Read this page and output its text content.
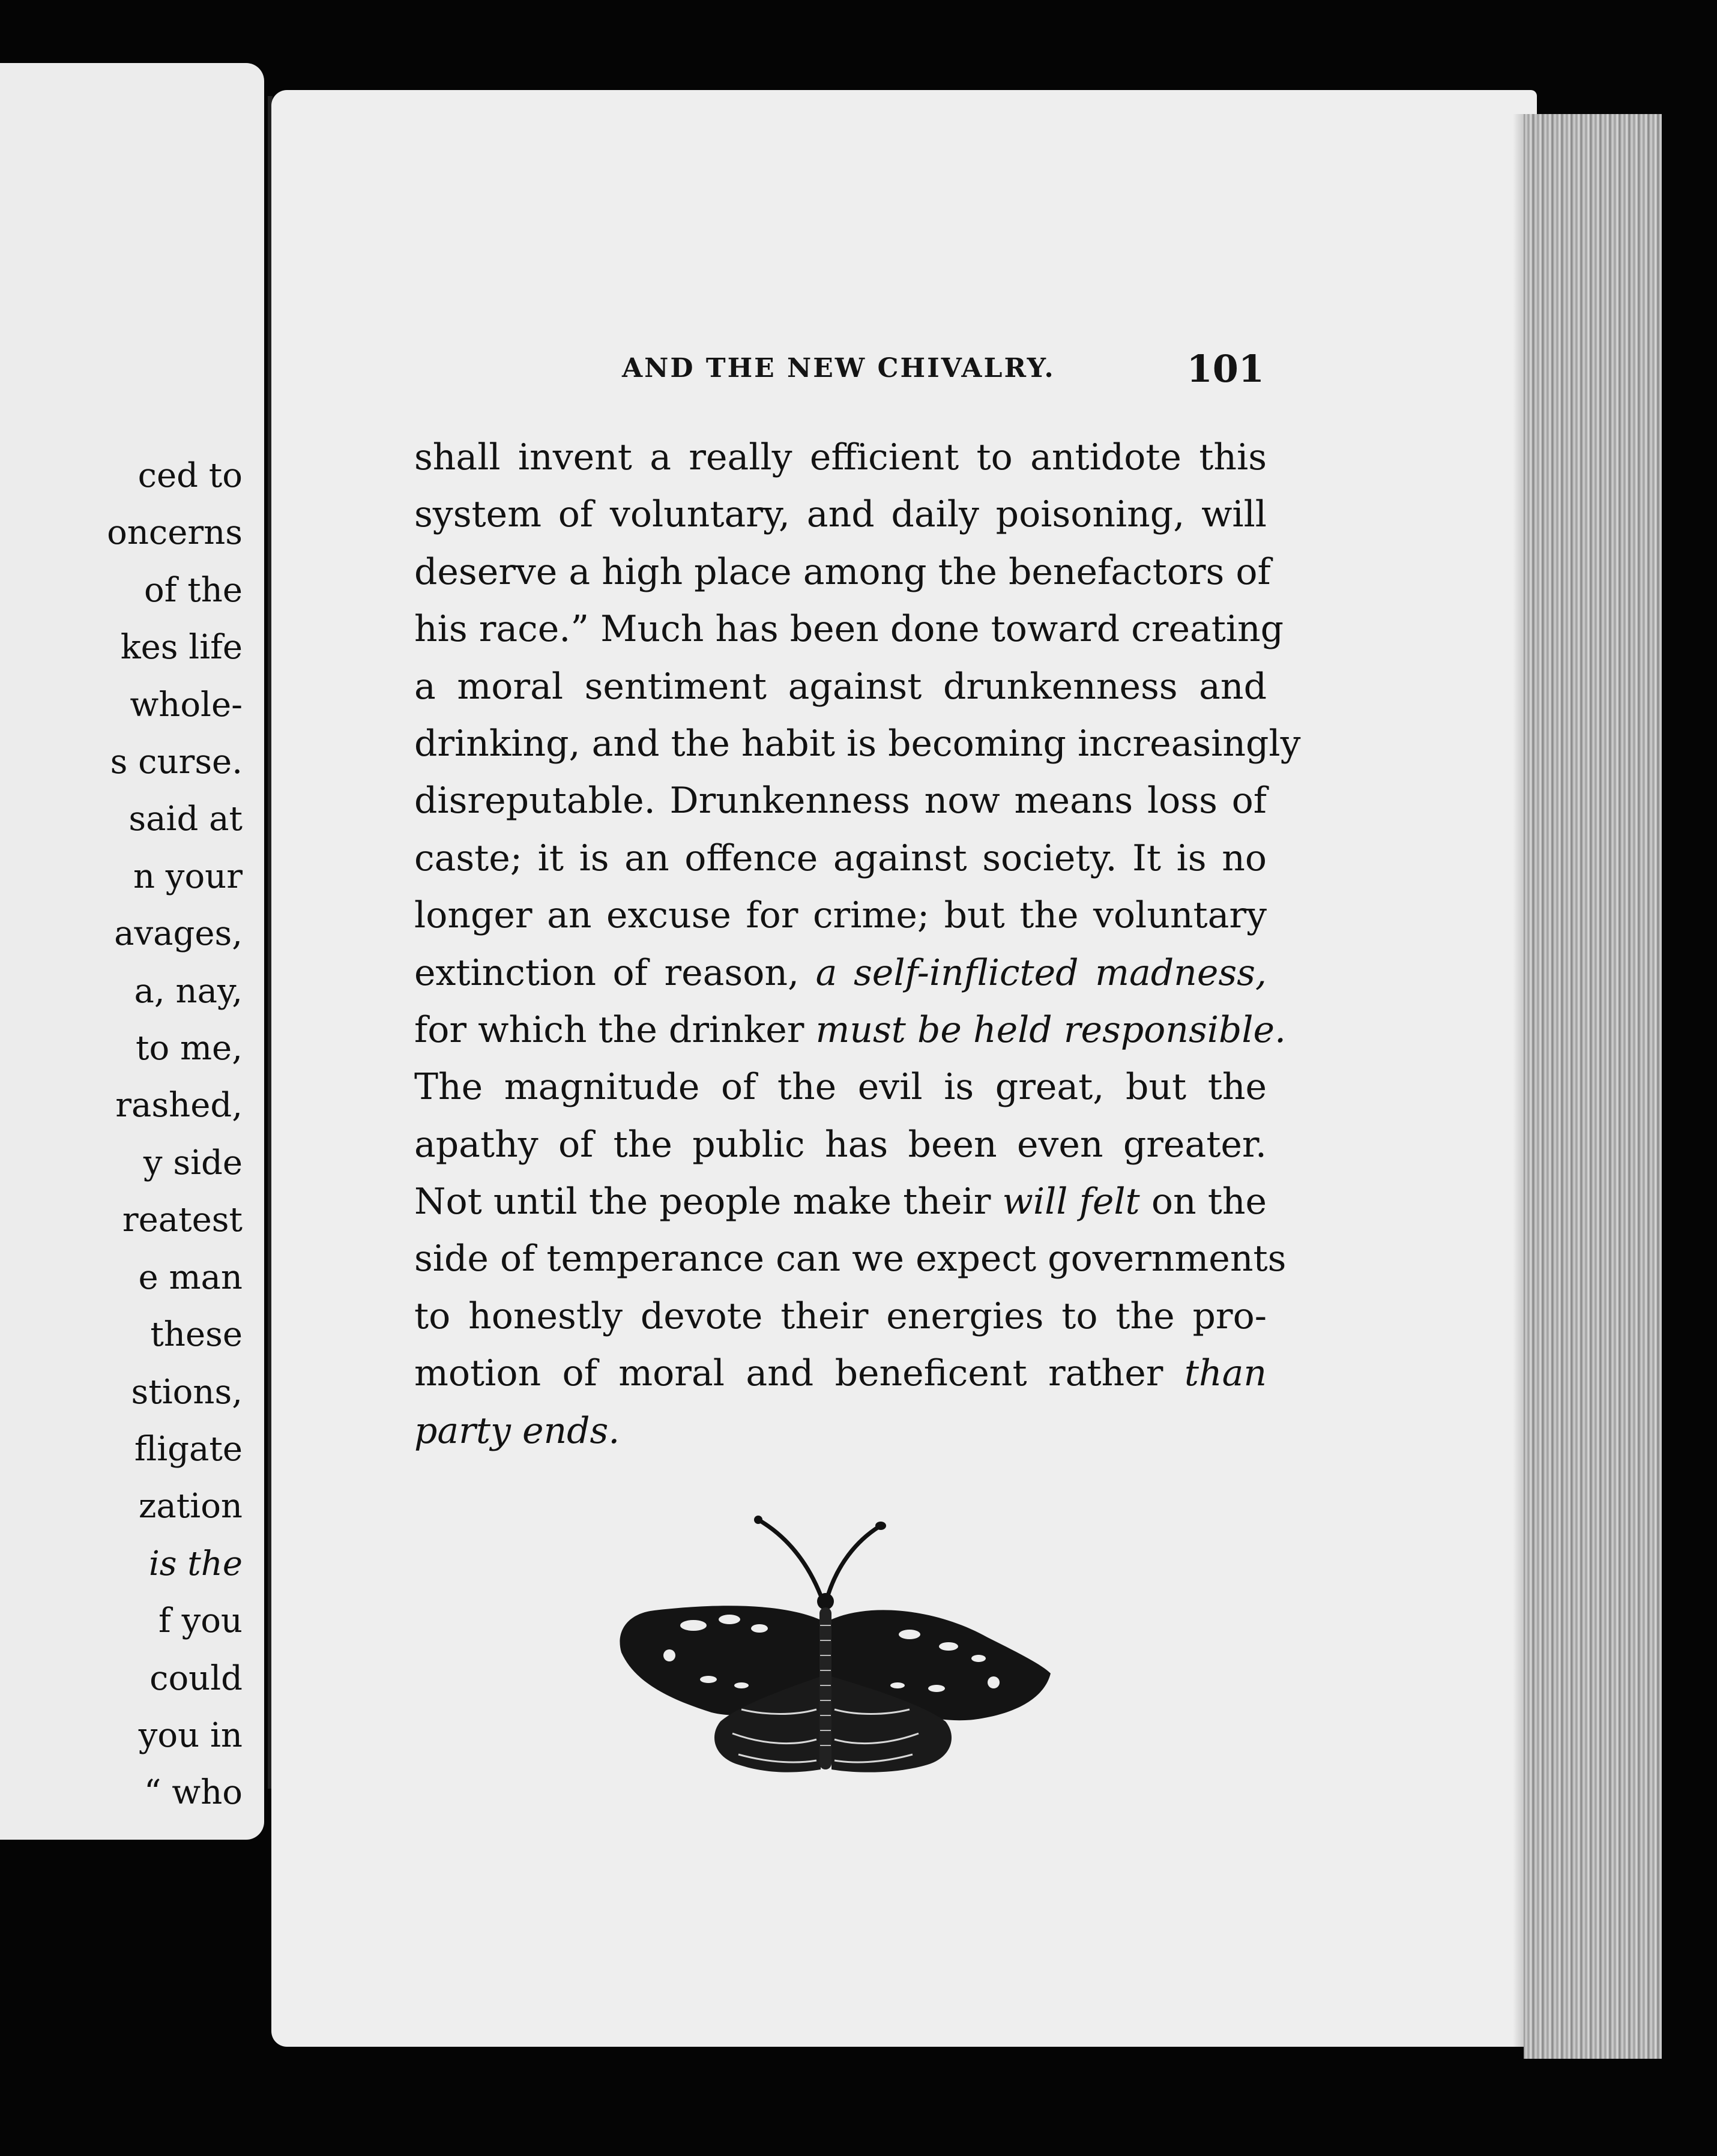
ced to
oncerns
of the
kes life
whole-
s curse.
said at
n your
avages,
a, nay,
to me,
rashed,
y side
reatest
e man
these
stions,
fligate
zation
is the
f you
could
you in
“ who
AND THE NEW CHIVALRY.	101
shall invent a really efficient to antidote this
system of voluntary, and daily poisoning, will
deserve a high place among the benefactors of
his race.” Much has been done toward creating
a moral sentiment against drunkenness and
drinking, and the habit is becoming increasingly
disreputable. Drunkenness now means loss of
caste; it is an offence against society. It is no
longer an excuse for crime; but the voluntary
extinction of reason, a self-inflicted madness,
for which the drinker must be held responsible.
The magnitude of the evil is great, but the
apathy of the public has been even greater.
Not until the people make their will felt on the
side of temperance can we expect governments
to honestly devote their energies to the pro-
motion of moral and beneficent rather than
party ends.
